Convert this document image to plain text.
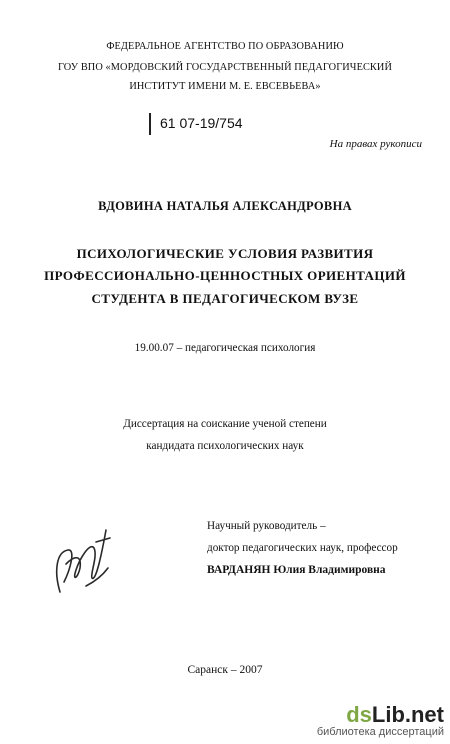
ФЕДЕРАЛЬНОЕ АГЕНТСТВО ПО ОБРАЗОВАНИЮ
ГОУ ВПО «МОРДОВСКИЙ ГОСУДАРСТВЕННЫЙ ПЕДАГОГИЧЕСКИЙ
ИНСТИТУТ ИМЕНИ М. Е. ЕВСЕВЬЕВА»
61 07-19/754
На правах рукописи
ВДОВИНА НАТАЛЬЯ АЛЕКСАНДРОВНА
ПСИХОЛОГИЧЕСКИЕ УСЛОВИЯ РАЗВИТИЯ
ПРОФЕССИОНАЛЬНО-ЦЕННОСТНЫХ ОРИЕНТАЦИЙ
СТУДЕНТА В ПЕДАГОГИЧЕСКОМ ВУЗЕ
19.00.07 – педагогическая психология
Диссертация на соискание ученой степени
кандидата психологических наук
Научный руководитель –
доктор педагогических наук, профессор
ВАРДАНЯН Юлия Владимировна
Саранск – 2007
dsLib.net
библиотека диссертаций
